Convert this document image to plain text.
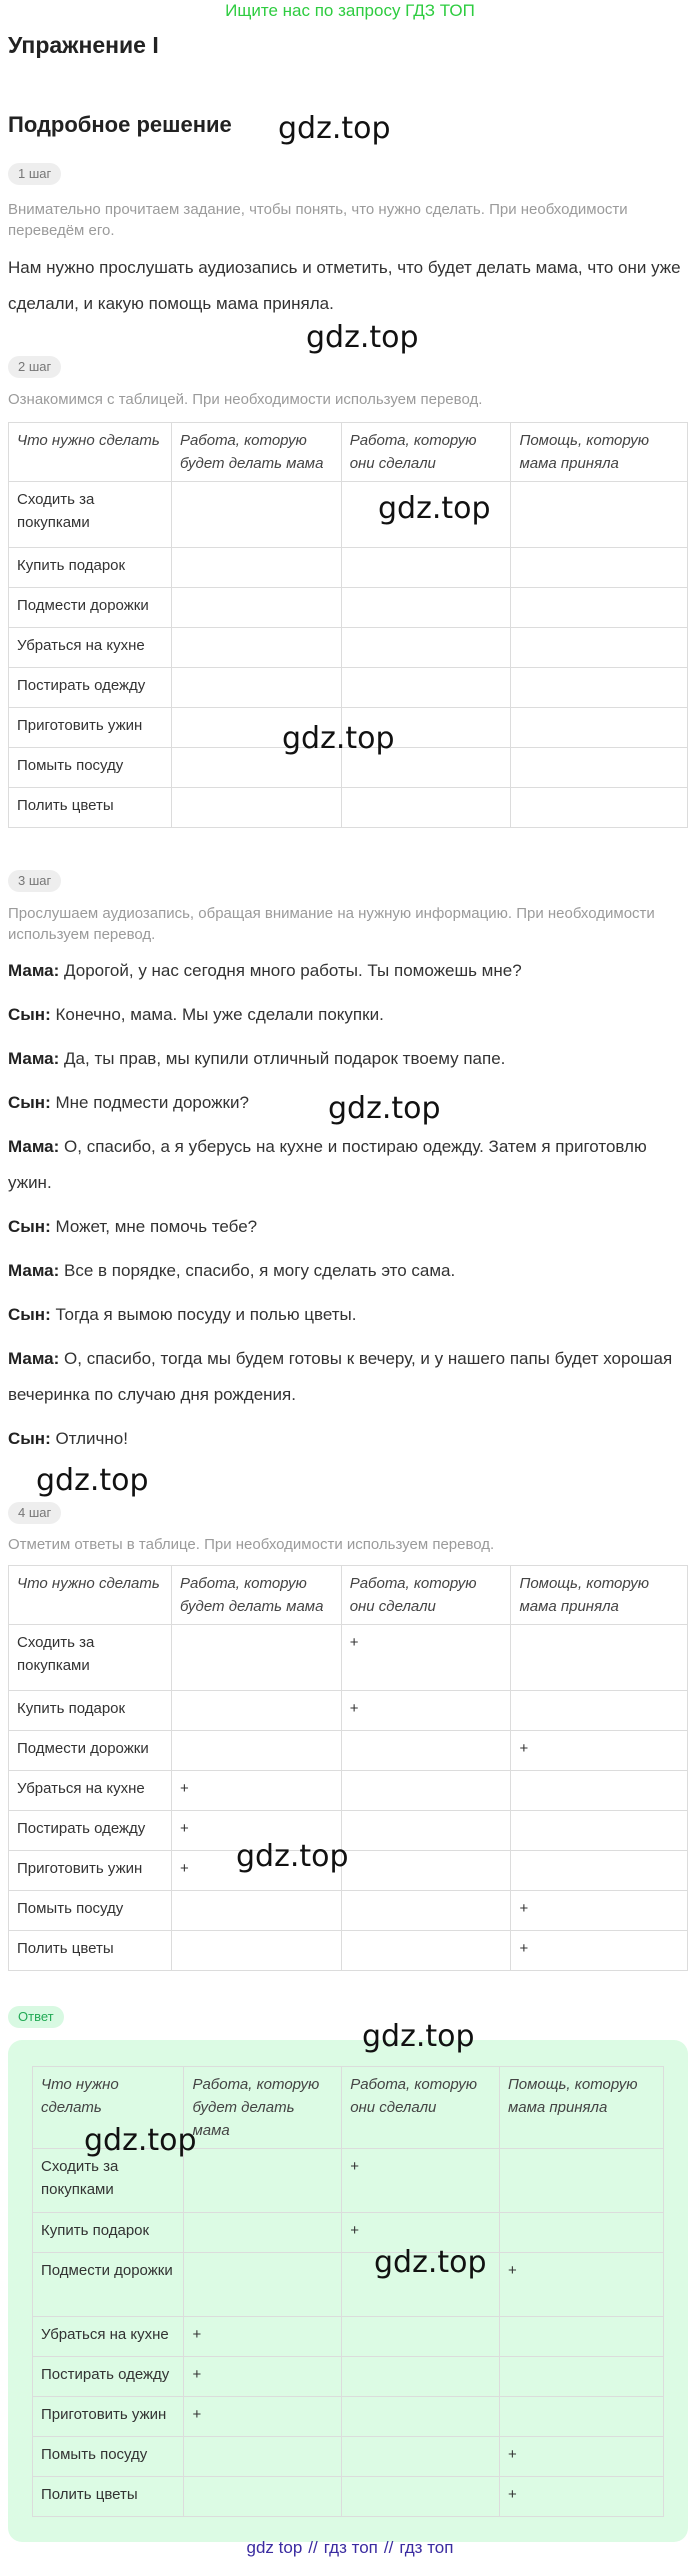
Ищите нас по запросу ГДЗ ТОП
Упражнение I
Подробное решение
1 шаг
Внимательно прочитаем задание, чтобы понять, что нужно сделать. При необходимости переведём его.
Нам нужно прослушать аудиозапись и отметить, что будет делать мама, что они уже сделали, и какую помощь мама приняла.
2 шаг
Ознакомимся с таблицей. При необходимости используем перевод.
Что нужно сделать	Работа, которую будет делать мама	Работа, которую они сделали	Помощь, которую мама приняла
Сходить за покупками			
Купить подарок			
Подмести дорожки			
Убраться на кухне			
Постирать одежду			
Приготовить ужин			
Помыть посуду			
Полить цветы			
3 шаг
Прослушаем аудиозапись, обращая внимание на нужную информацию. При необходимости используем перевод.
Мама: Дорогой, у нас сегодня много работы. Ты поможешь мне?
Сын: Конечно, мама. Мы уже сделали покупки.
Мама: Да, ты прав, мы купили отличный подарок твоему папе.
Сын: Мне подмести дорожки?
Мама: О, спасибо, а я уберусь на кухне и постираю одежду. Затем я приготовлю ужин.
Сын: Может, мне помочь тебе?
Мама: Все в порядке, спасибо, я могу сделать это сама.
Сын: Тогда я вымою посуду и полью цветы.
Мама: О, спасибо, тогда мы будем готовы к вечеру, и у нашего папы будет хорошая вечеринка по случаю дня рождения.
Сын: Отлично!
4 шаг
Отметим ответы в таблице. При необходимости используем перевод.
Что нужно сделать	Работа, которую будет делать мама	Работа, которую они сделали	Помощь, которую мама приняла
Сходить за покупками		+	
Купить подарок		+	
Подмести дорожки			+
Убраться на кухне	+		
Постирать одежду	+		
Приготовить ужин	+		
Помыть посуду			+
Полить цветы			+
Ответ
Что нужно сделать	Работа, которую будет делать мама	Работа, которую они сделали	Помощь, которую мама приняла
Сходить за покупками		+	
Купить подарок		+	
Подмести дорожки			+
Убраться на кухне	+		
Постирать одежду	+		
Приготовить ужин	+		
Помыть посуду			+
Полить цветы			+
gdz.top
gdz.top
gdz.top
gdz.top
gdz.top
gdz.top
gdz.top
gdz.top
gdz.top
gdz.top
gdz top // гдз топ // гдз топ
